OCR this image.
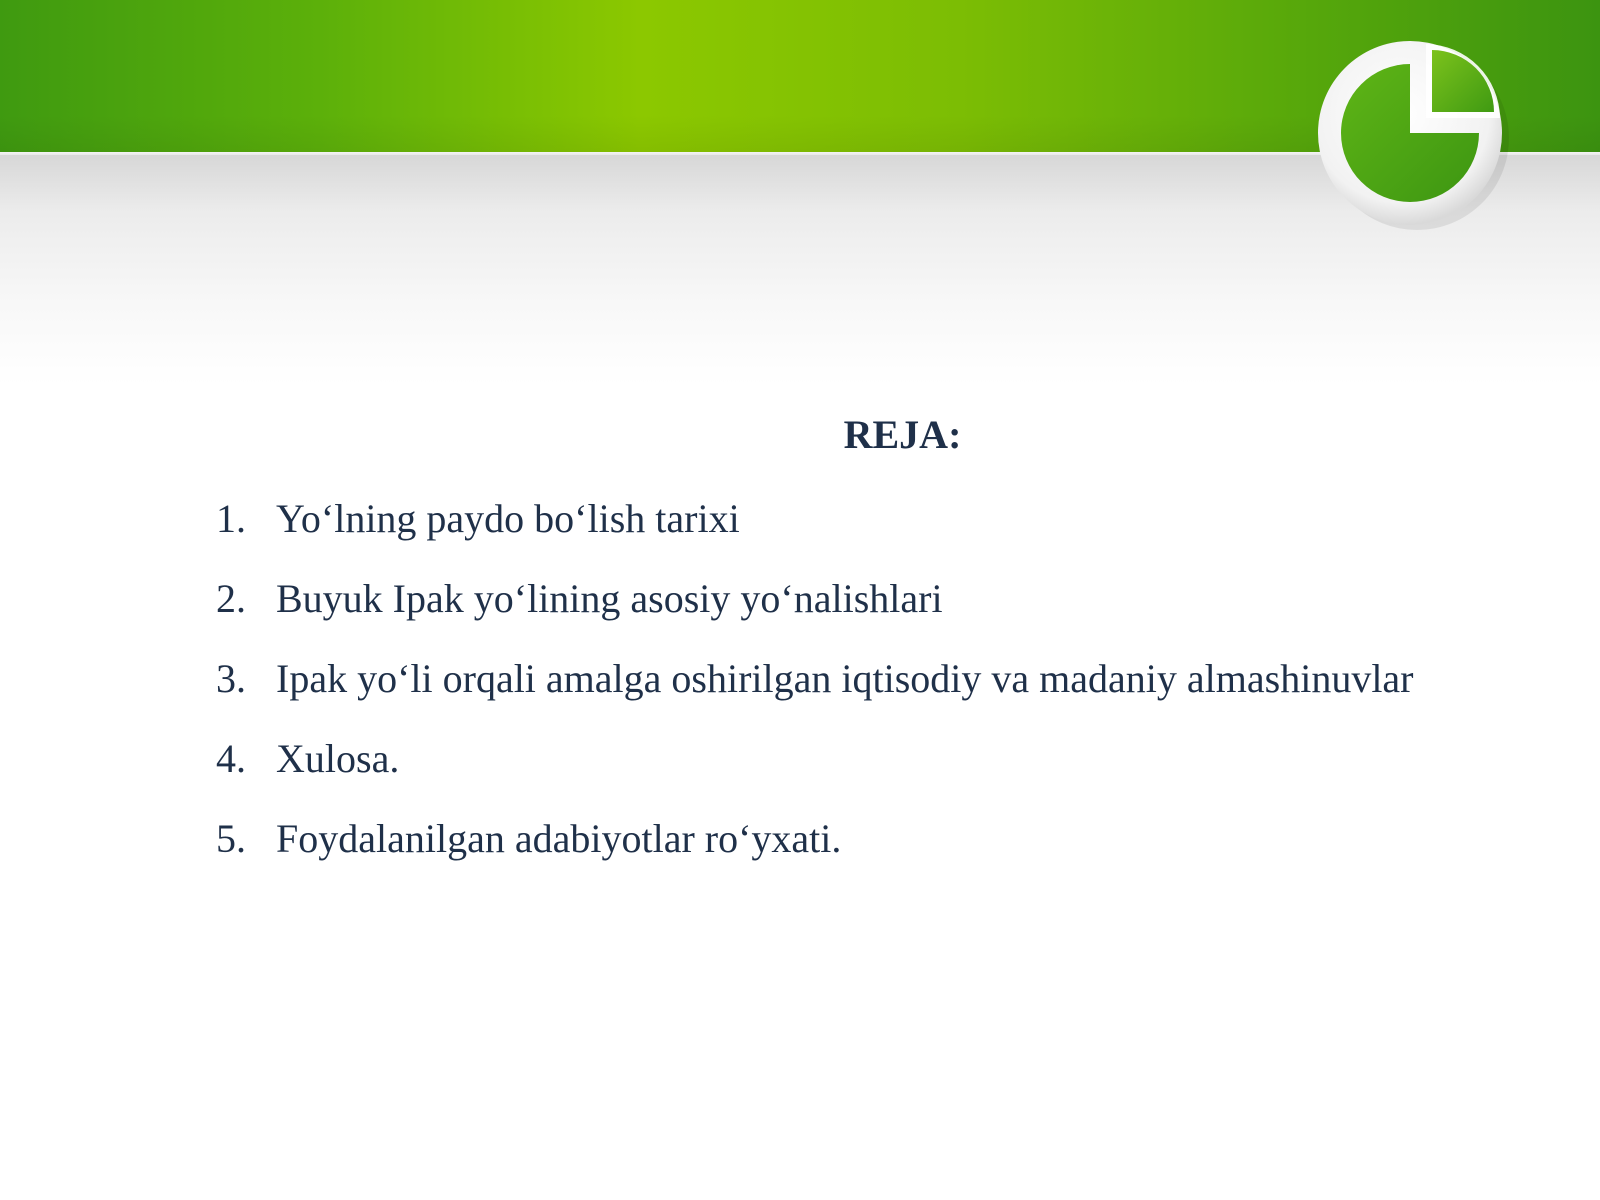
REJA:
1. Yo‘lning paydo bo‘lish tarixi
2. Buyuk Ipak yo‘lining asosiy yo‘nalishlari
3. Ipak yo‘li orqali amalga oshirilgan iqtisodiy va madaniy almashinuvlar
4. Xulosa.
5. Foydalanilgan adabiyotlar ro‘yxati.
